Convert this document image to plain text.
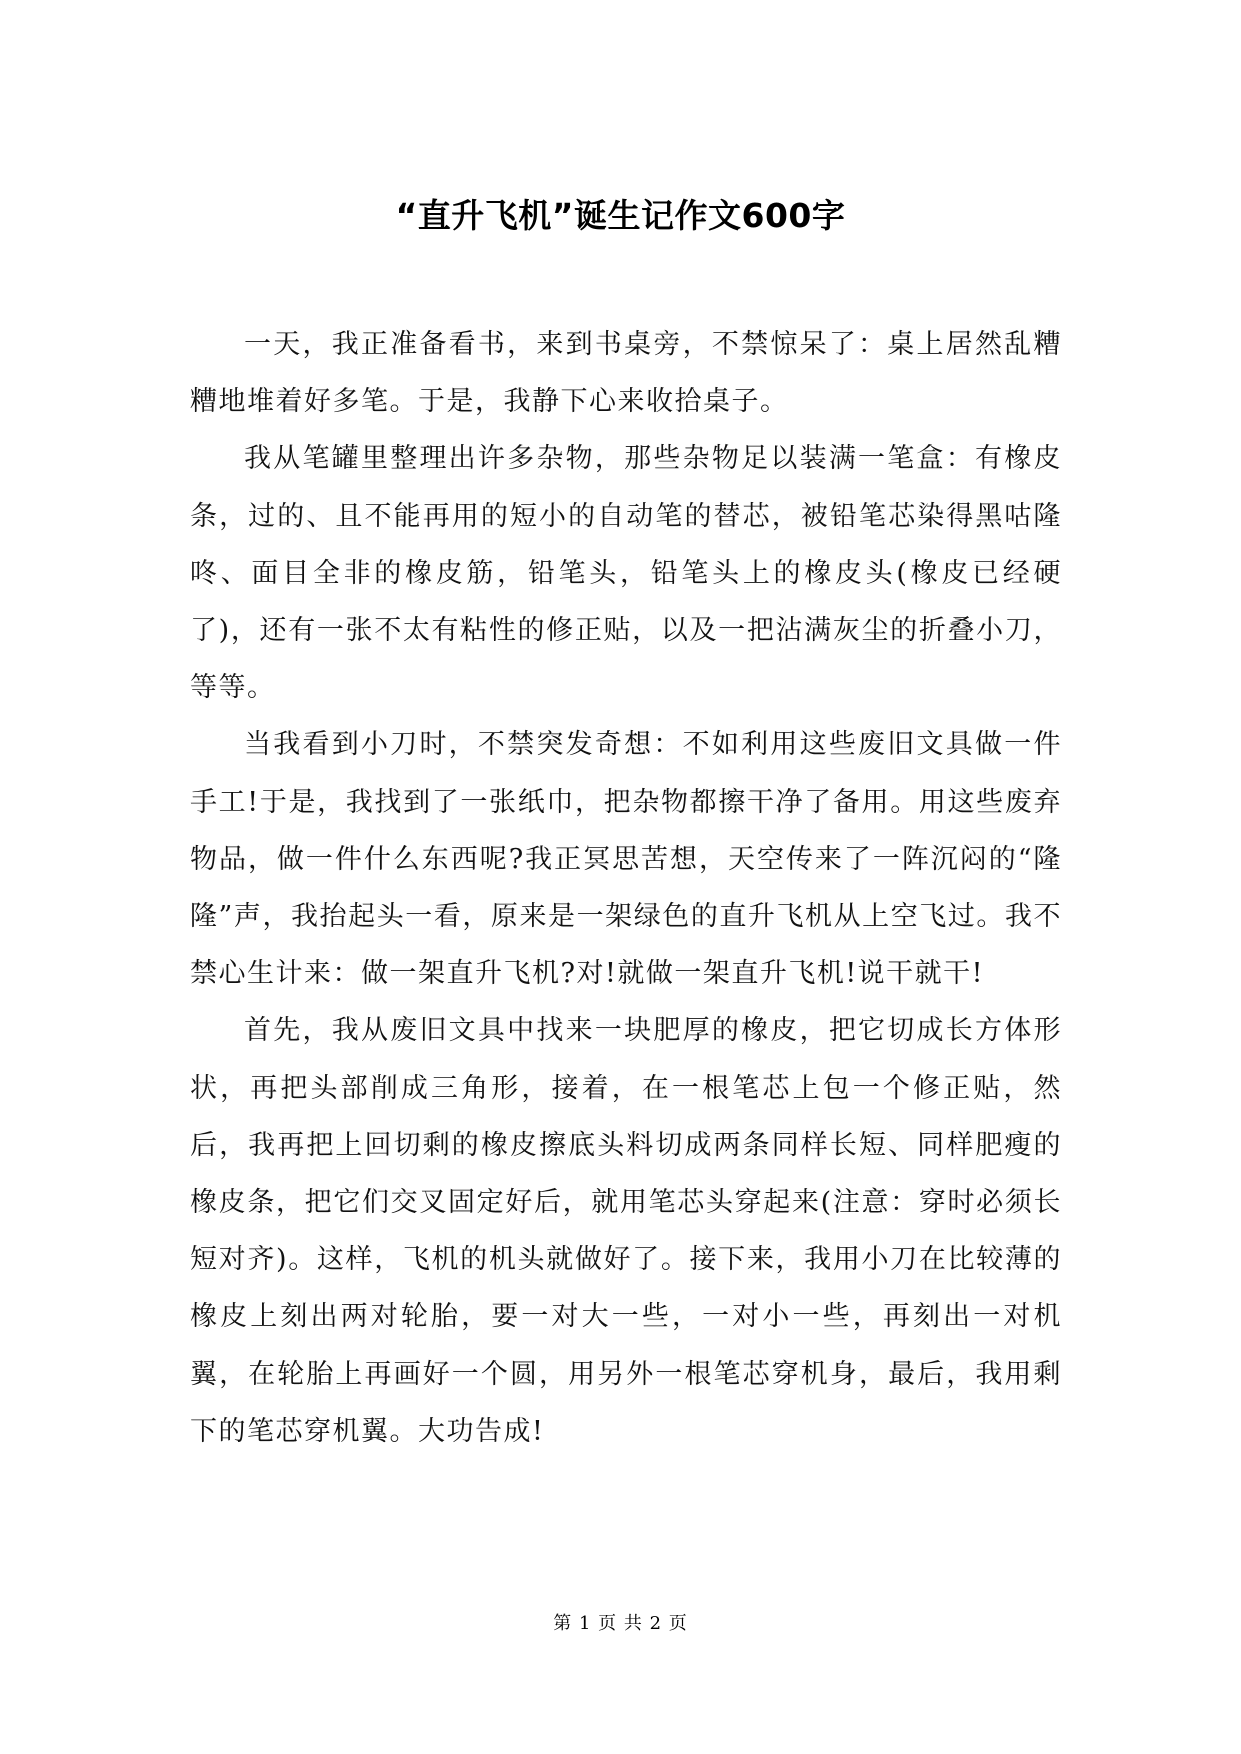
“直升飞机”诞生记作文600字

一天，我正准备看书，来到书桌旁，不禁惊呆了：桌上居然乱糟糟地堆着好多笔。于是，我静下心来收拾桌子。

我从笔罐里整理出许多杂物，那些杂物足以装满一笔盒：有橡皮条，过的、且不能再用的短小的自动笔的替芯，被铅笔芯染得黑咕隆咚、面目全非的橡皮筋，铅笔头，铅笔头上的橡皮头(橡皮已经硬了)，还有一张不太有粘性的修正贴，以及一把沾满灰尘的折叠小刀，等等。

当我看到小刀时，不禁突发奇想：不如利用这些废旧文具做一件手工!于是，我找到了一张纸巾，把杂物都擦干净了备用。用这些废弃物品，做一件什么东西呢?我正冥思苦想，天空传来了一阵沉闷的“隆隆”声，我抬起头一看，原来是一架绿色的直升飞机从上空飞过。我不禁心生计来：做一架直升飞机?对!就做一架直升飞机!说干就干!

首先，我从废旧文具中找来一块肥厚的橡皮，把它切成长方体形状，再把头部削成三角形，接着，在一根笔芯上包一个修正贴，然后，我再把上回切剩的橡皮擦底头料切成两条同样长短、同样肥瘦的橡皮条，把它们交叉固定好后，就用笔芯头穿起来(注意：穿时必须长短对齐)。这样，飞机的机头就做好了。接下来，我用小刀在比较薄的橡皮上刻出两对轮胎，要一对大一些，一对小一些，再刻出一对机翼，在轮胎上再画好一个圆，用另外一根笔芯穿机身，最后，我用剩下的笔芯穿机翼。大功告成!

第 1 页 共 2 页
